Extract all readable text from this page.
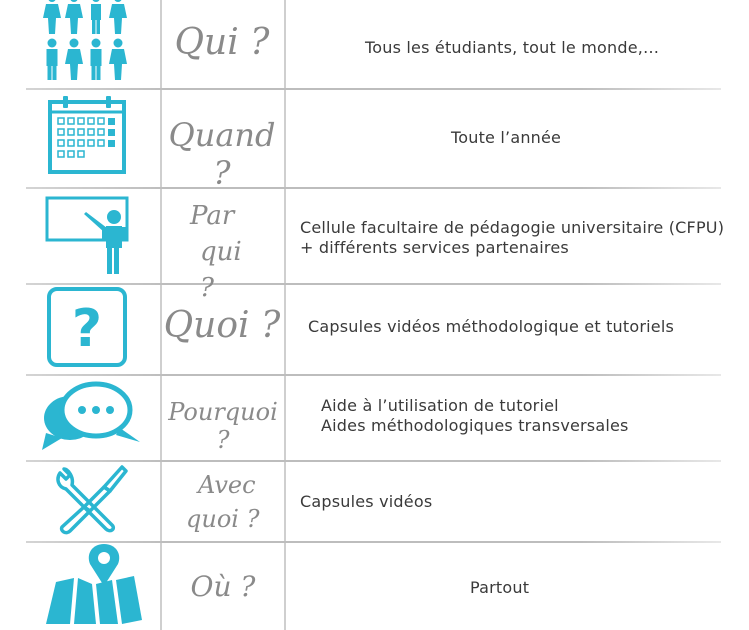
Qui ?	Tous les étudiants, tout le monde,…
Quand ?
Toute l’année
Par
qui ?
Cellule facultaire de pédagogie universitaire (CFPU)
+ différents services partenaires
? Quoi ? Capsules vidéos méthodologique et tutoriels
Pourquoi ?
Aide à l’utilisation de tutoriel
Aides méthodologiques transversales
Avec
quoi ?
Capsules vidéos
Où ?	Partout
